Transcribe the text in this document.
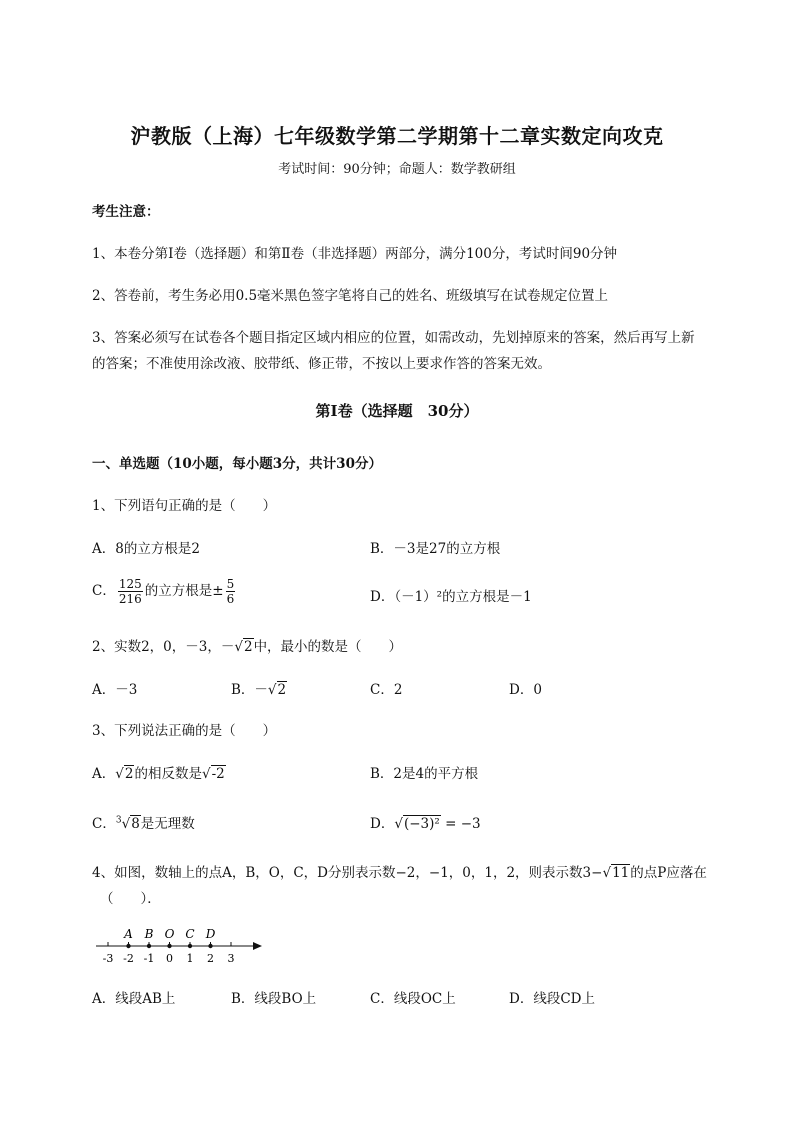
沪教版（上海）七年级数学第二学期第十二章实数定向攻克
考试时间：90分钟；命题人：数学教研组
考生注意：
1、本卷分第I卷（选择题）和第Ⅱ卷（非选择题）两部分，满分100分，考试时间90分钟
2、答卷前，考生务必用0.5毫米黑色签字笔将自己的姓名、班级填写在试卷规定位置上
3、答案必须写在试卷各个题目指定区域内相应的位置，如需改动，先划掉原来的答案，然后再写上新
的答案；不准使用涂改液、胶带纸、修正带，不按以上要求作答的答案无效。
第I卷（选择题　30分）
一、单选题（10小题，每小题3分，共计30分）
1、下列语句正确的是（　　）
A．8的立方根是2	B．－3是27的立方根
C． $\frac{125}{216}$ 的立方根是± $\frac{5}{6}$	D．（－1）²的立方根是－1
2、实数2，0，－3，－√2中，最小的数是（　　）
A．－3	B．－√2	C．2	D．0
3、下列说法正确的是（　　）
A．√2的相反数是√-2	B．2是4的平方根
C．$^3$√8是无理数	D．√(−3)² = −3
4、如图，数轴上的点A，B，O，C，D分别表示数−2，−1，0，1，2，则表示数3−√11的点P应落在
（　　）．
-3 -2 -1 0 1 2 3
A B O C D
A．线段AB上	B．线段BO上	C．线段OC上	D．线段CD上
